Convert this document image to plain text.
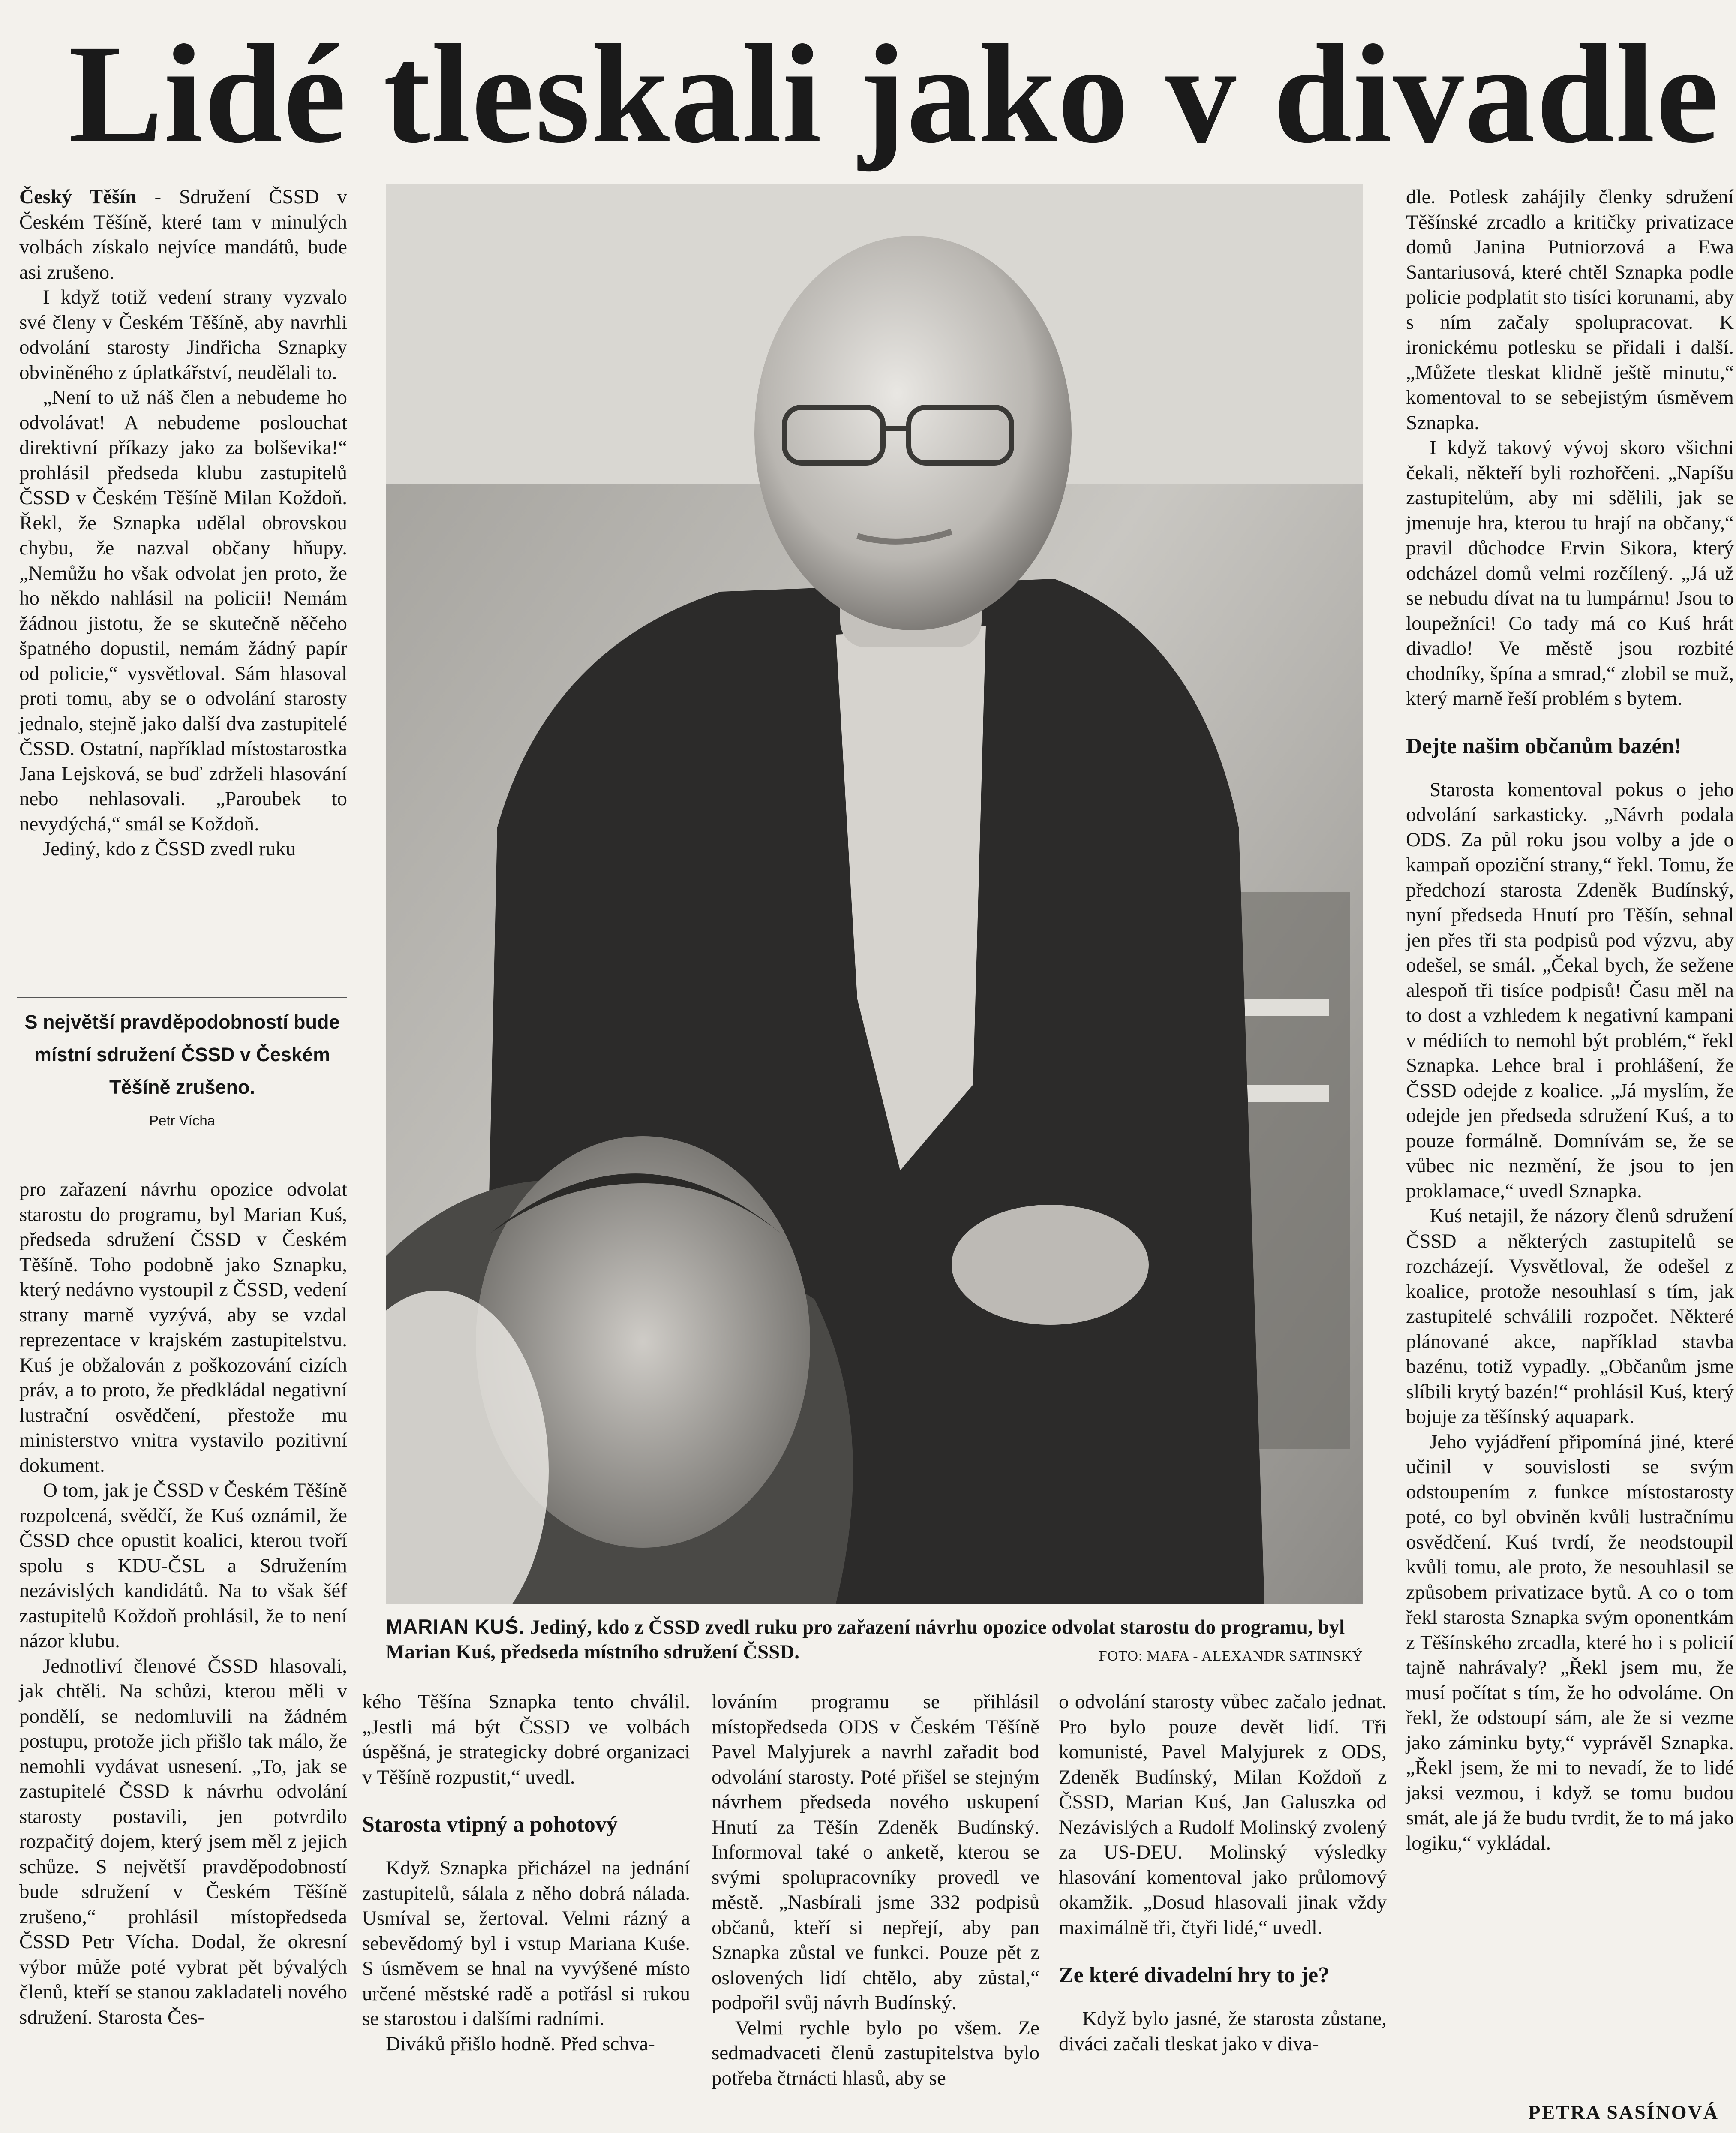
Lidé tleskali jako v divadle

Český Těšín - Sdružení ČSSD v Českém Těšíně, které tam v minulých volbách získalo nejvíce mandátů, bude asi zrušeno.

I když totiž vedení strany vyzvalo své členy v Českém Těšíně, aby navrhli odvolání starosty Jindřicha Sznapky obviněného z úplatkářství, neudělali to.

„Není to už náš člen a nebudeme ho odvolávat! A nebudeme poslouchat direktivní příkazy jako za bolševika!“ prohlásil předseda klubu zastupitelů ČSSD v Českém Těšíně Milan Koždoň. Řekl, že Sznapka udělal obrovskou chybu, že nazval občany hňupy. „Nemůžu ho však odvolat jen proto, že ho někdo nahlásil na policii! Nemám žádnou jistotu, že se skutečně něčeho špatného dopustil, nemám žádný papír od policie,“ vysvětloval. Sám hlasoval proti tomu, aby se o odvolání starosty jednalo, stejně jako další dva zastupitelé ČSSD. Ostatní, například místostarostka Jana Lejsková, se buď zdrželi hlasování nebo nehlasovali. „Paroubek to nevydýchá,“ smál se Koždoň.

Jediný, kdo z ČSSD zvedl ruku

S největší pravděpodobností bude místní sdružení ČSSD v Českém Těšíně zrušeno.
Petr Vícha

pro zařazení návrhu opozice odvolat starostu do programu, byl Marian Kuś, předseda sdružení ČSSD v Českém Těšíně. Toho podobně jako Sznapku, který nedávno vystoupil z ČSSD, vedení strany marně vyzývá, aby se vzdal reprezentace v krajském zastupitelstvu. Kuś je obžalován z poškozování cizích práv, a to proto, že předkládal negativní lustrační osvědčení, přestože mu ministerstvo vnitra vystavilo pozitivní dokument.

O tom, jak je ČSSD v Českém Těšíně rozpolcená, svědčí, že Kuś oznámil, že ČSSD chce opustit koalici, kterou tvoří spolu s KDU-ČSL a Sdružením nezávislých kandidátů. Na to však šéf zastupitelů Koždoň prohlásil, že to není názor klubu.

Jednotliví členové ČSSD hlasovali, jak chtěli. Na schůzi, kterou měli v pondělí, se nedomluvili na žádném postupu, protože jich přišlo tak málo, že nemohli vydávat usnesení. „To, jak se zastupitelé ČSSD k návrhu odvolání starosty postavili, jen potvrdilo rozpačitý dojem, který jsem měl z jejich schůze. S největší pravděpodobností bude sdružení v Českém Těšíně zrušeno,“ prohlásil místopředseda ČSSD Petr Vícha. Dodal, že okresní výbor může poté vybrat pět bývalých členů, kteří se stanou zakladateli nového sdružení. Starosta Čes-

MARIAN KUŚ. Jediný, kdo z ČSSD zvedl ruku pro zařazení návrhu opozice odvolat starostu do programu, byl Marian Kuś, předseda místního sdružení ČSSD.	FOTO: MAFA - ALEXANDR SATINSKÝ

kého Těšína Sznapka tento chválil. „Jestli má být ČSSD ve volbách úspěšná, je strategicky dobré organizaci v Těšíně rozpustit,“ uvedl.

Starosta vtipný a pohotový

Když Sznapka přicházel na jednání zastupitelů, sálala z něho dobrá nálada. Usmíval se, žertoval. Velmi rázný a sebevědomý byl i vstup Mariana Kuśe. S úsměvem se hnal na vyvýšené místo určené městské radě a potřásl si rukou se starostou i dalšími radními.

Diváků přišlo hodně. Před schva-

lováním programu se přihlásil místopředseda ODS v Českém Těšíně Pavel Malyjurek a navrhl zařadit bod odvolání starosty. Poté přišel se stejným návrhem předseda nového uskupení Hnutí za Těšín Zdeněk Budínský. Informoval také o anketě, kterou se svými spolupracovníky provedl ve městě. „Nasbírali jsme 332 podpisů občanů, kteří si nepřejí, aby pan Sznapka zůstal ve funkci. Pouze pět z oslovených lidí chtělo, aby zůstal,“ podpořil svůj návrh Budínský.

Velmi rychle bylo po všem. Ze sedmadvaceti členů zastupitelstva bylo potřeba čtrnácti hlasů, aby se

o odvolání starosty vůbec začalo jednat. Pro bylo pouze devět lidí. Tři komunisté, Pavel Malyjurek z ODS, Zdeněk Budínský, Milan Koždoň z ČSSD, Marian Kuś, Jan Galuszka od Nezávislých a Rudolf Molinský zvolený za US-DEU. Molinský výsledky hlasování komentoval jako průlomový okamžik. „Dosud hlasovali jinak vždy maximálně tři, čtyři lidé,“ uvedl.

Ze které divadelní hry to je?

Když bylo jasné, že starosta zůstane, diváci začali tleskat jako v diva-

dle. Potlesk zahájily členky sdružení Těšínské zrcadlo a kritičky privatizace domů Janina Putniorzová a Ewa Santariusová, které chtěl Sznapka podle policie podplatit sto tisíci korunami, aby s ním začaly spolupracovat. K ironickému potlesku se přidali i další. „Můžete tleskat klidně ještě minutu,“ komentoval to se sebejistým úsměvem Sznapka.

I když takový vývoj skoro všichni čekali, někteří byli rozhořčeni. „Napíšu zastupitelům, aby mi sdělili, jak se jmenuje hra, kterou tu hrají na občany,“ pravil důchodce Ervin Sikora, který odcházel domů velmi rozčílený. „Já už se nebudu dívat na tu lumpárnu! Jsou to loupežníci! Co tady má co Kuś hrát divadlo! Ve městě jsou rozbité chodníky, špína a smrad,“ zlobil se muž, který marně řeší problém s bytem.

Dejte našim občanům bazén!

Starosta komentoval pokus o jeho odvolání sarkasticky. „Návrh podala ODS. Za půl roku jsou volby a jde o kampaň opoziční strany,“ řekl. Tomu, že předchozí starosta Zdeněk Budínský, nyní předseda Hnutí pro Těšín, sehnal jen přes tři sta podpisů pod výzvu, aby odešel, se smál. „Čekal bych, že sežene alespoň tři tisíce podpisů! Času měl na to dost a vzhledem k negativní kampani v médiích to nemohl být problém,“ řekl Sznapka. Lehce bral i prohlášení, že ČSSD odejde z koalice. „Já myslím, že odejde jen předseda sdružení Kuś, a to pouze formálně. Domnívám se, že se vůbec nic nezmění, že jsou to jen proklamace,“ uvedl Sznapka.

Kuś netajil, že názory členů sdružení ČSSD a některých zastupitelů se rozcházejí. Vysvětloval, že odešel z koalice, protože nesouhlasí s tím, jak zastupitelé schválili rozpočet. Některé plánované akce, například stavba bazénu, totiž vypadly. „Občanům jsme slíbili krytý bazén!“ prohlásil Kuś, který bojuje za těšínský aquapark.

Jeho vyjádření připomíná jiné, které učinil v souvislosti se svým odstoupením z funkce místostarosty poté, co byl obviněn kvůli lustračnímu osvědčení. Kuś tvrdí, že neodstoupil kvůli tomu, ale proto, že nesouhlasil se způsobem privatizace bytů. A co o tom řekl starosta Sznapka svým oponentkám z Těšínského zrcadla, které ho i s policií tajně nahrávaly? „Řekl jsem mu, že musí počítat s tím, že ho odvoláme. On řekl, že odstoupí sám, ale že si vezme jako záminku byty,“ vyprávěl Sznapka. „Řekl jsem, že mi to nevadí, že to lidé jaksi vezmou, i když se tomu budou smát, ale já že budu tvrdit, že to má jako logiku,“ vykládal.

PETRA SASÍNOVÁ
